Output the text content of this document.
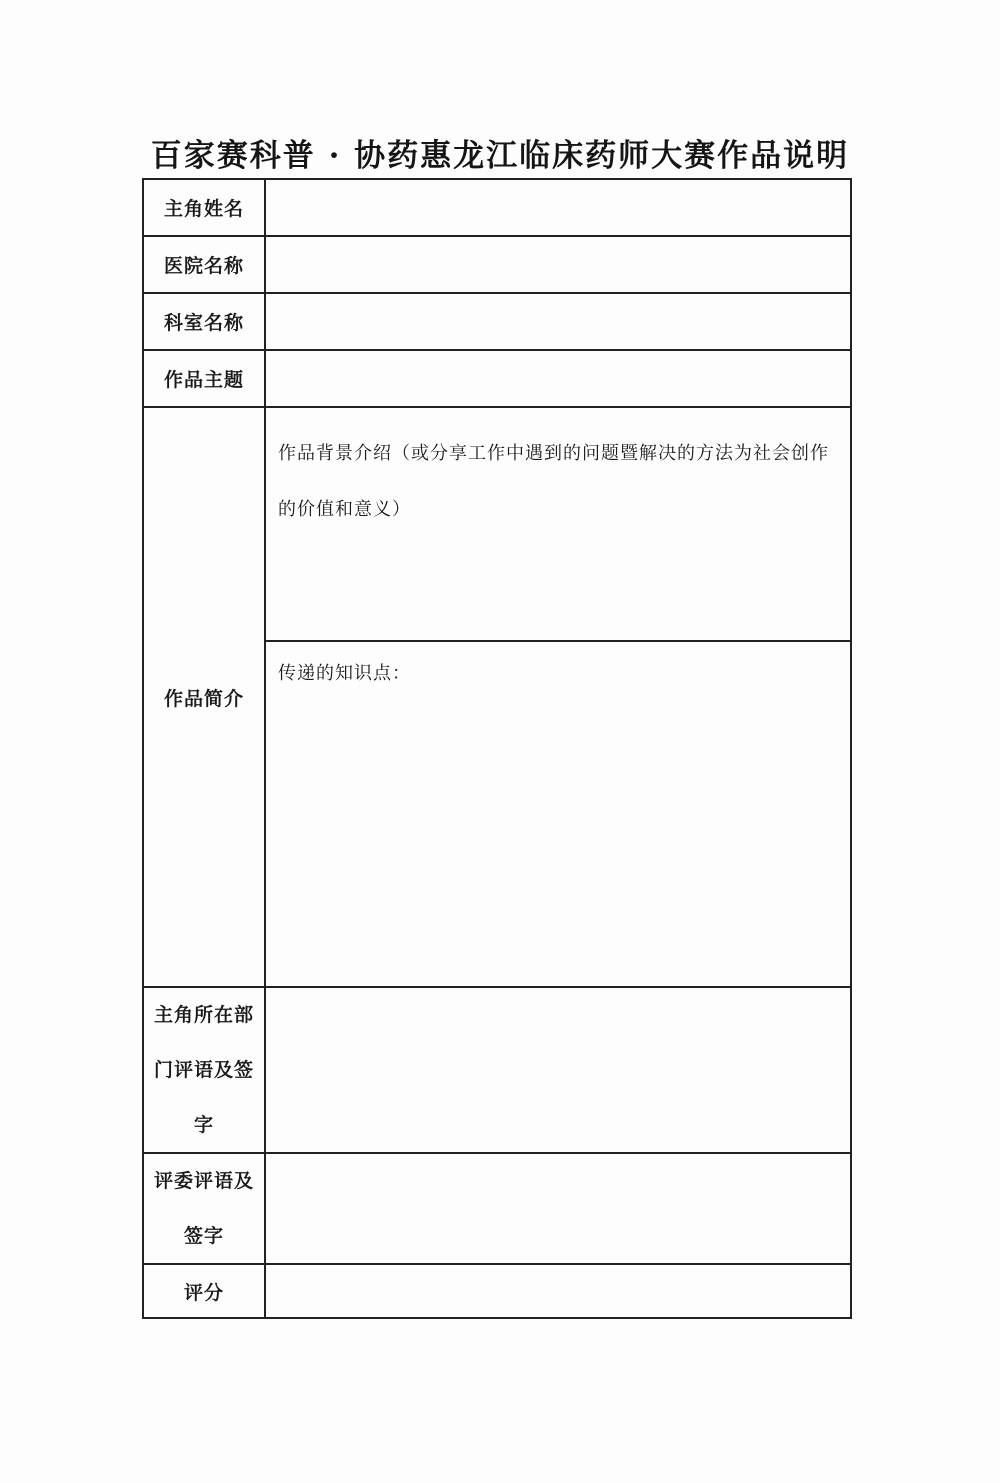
百家赛科普 · 协药惠龙江临床药师大赛作品说明
主角姓名
医院名称
科室名称
作品主题
作品简介
作品背景介绍（或分享工作中遇到的问题暨解决的方法为社会创作的价值和意义）
传递的知识点：
主角所在部门评语及签字
评委评语及签字
评分
